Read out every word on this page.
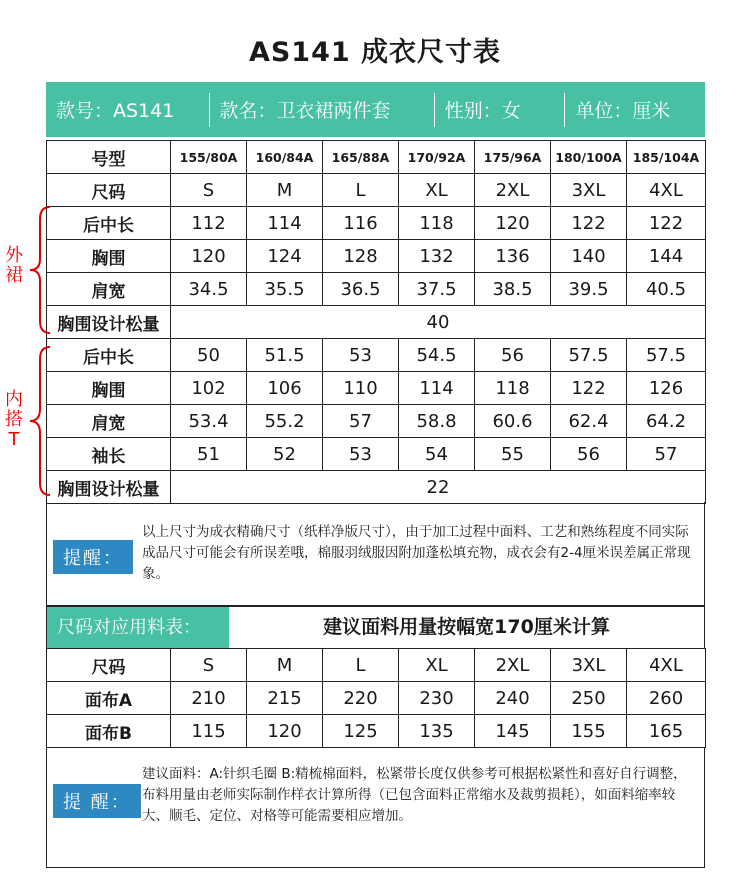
AS141 成衣尺寸表
款号：AS141	款名：卫衣裙两件套	性别：女	单位：厘米
号型	155/80A	160/84A	165/88A	170/92A	175/96A	180/100A	185/104A
尺码	S	M	L	XL	2XL	3XL	4XL
后中长	112	114	116	118	120	122	122
胸围	120	124	128	132	136	140	144
肩宽	34.5	35.5	36.5	37.5	38.5	39.5	40.5
胸围设计松量	40						
后中长	50	51.5	53	54.5	56	57.5	57.5
胸围	102	106	110	114	118	122	126
肩宽	53.4	55.2	57	58.8	60.6	62.4	64.2
袖长	51	52	53	54	55	56	57
胸围设计松量	22						
外裙
内搭T
提醒：
以上尺寸为成衣精确尺寸（纸样净版尺寸），由于加工过程中面料、工艺和熟练程度不同实际成品尺寸可能会有所误差哦，棉服羽绒服因附加蓬松填充物，成衣会有2-4厘米误差属正常现象。
尺码对应用料表：	建议面料用量按幅宽170厘米计算
尺码	S	M	L	XL	2XL	3XL	4XL
面布A	210	215	220	230	240	250	260
面布B	115	120	125	135	145	155	165
提 醒：
建议面料：A:针织毛圈 B:精梳棉面料，松紧带长度仅供参考可根据松紧性和喜好自行调整，布料用量由老师实际制作样衣计算所得（已包含面料正常缩水及裁剪损耗），如面料缩率较大、顺毛、定位、对格等可能需要相应增加。
